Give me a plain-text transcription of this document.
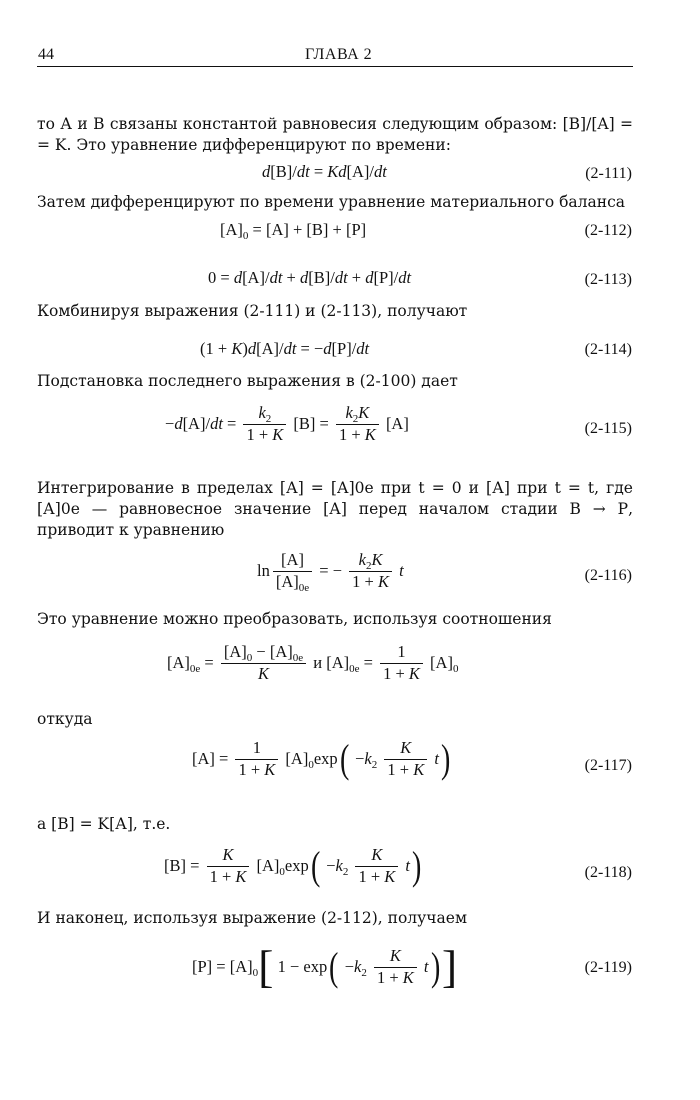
44	ГЛАВА 2
то А и В связаны константой равновесия следующим образом: [B]/[A] = = K. Это уравнение дифференцируют по времени:
d[B]/dt = Kd[A]/dt	(2-111)
Затем дифференцируют по времени уравнение материального баланса
$[A]_0 = [A] + [B] + [P]$	(2-112)
0 = d[A]/dt + d[B]/dt + d[P]/dt	(2-113)
Комбинируя выражения (2-111) и (2-113), получают
(1 + K)d[A]/dt = −d[P]/dt	(2-114)
Подстановка последнего выражения в (2-100) дает
$-d[A]/dt = \frac{k_2}{1 + K} [B] = \frac{k_2K}{1 + K} [A]$	(2-115)
Интегрирование в пределах [А] = [А]0e при t = 0 и [А] при t = t, где [А]0e — равновесное значение [А] перед началом стадии В → Р, приводит к уравнению
$\ln \frac{[A]}{[A]_{0e}}$ = − $\frac{k_2K}{1 + K}$ t	(2-116)
Это уравнение можно преобразовать, используя соотношения
$[A]_{0e} = \frac{[A]_0 - [A]_{0e}}{K}$ и $[A]_{0e} = \frac{1}{1 + K} [A]_0$
откуда
$[A] = \frac{1}{1 + K} [A]_0\exp( -k_2 \frac{K}{1 + K} t)$	(2-117)
а [В] = K[А], т.е.
$[B] = \frac{K}{1 + K} [A]_0\exp( -k_2 \frac{K}{1 + K} t)$	(2-118)
И наконец, используя выражение (2-112), получаем
$[P] = [A]_0$[ $1 - \exp( -k_2 \frac{K}{1 + K} t)$]	(2-119)
